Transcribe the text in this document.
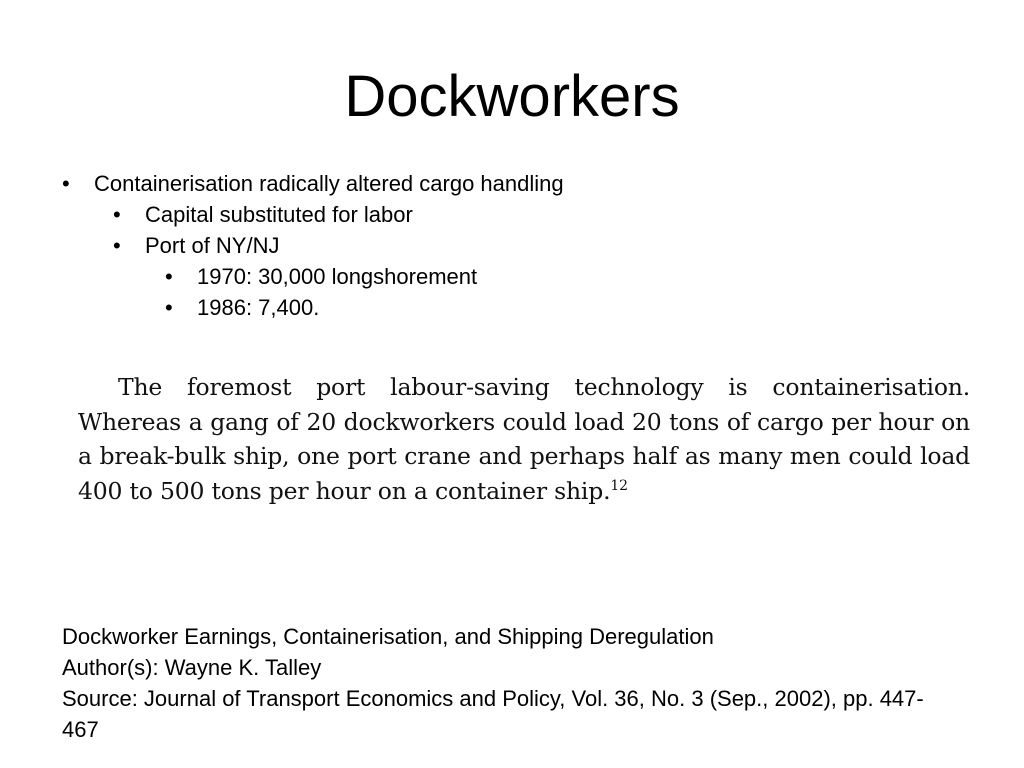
Dockworkers
• Containerisation radically altered cargo handling
• Capital substituted for labor
• Port of NY/NJ
• 1970: 30,000 longshorement
• 1986: 7,400.
The foremost port labour-saving technology is containerisation. Whereas a gang of 20 dockworkers could load 20 tons of cargo per hour on a break-bulk ship, one port crane and perhaps half as many men could load 400 to 500 tons per hour on a container ship.$^{12}$
Dockworker Earnings, Containerisation, and Shipping Deregulation
Author(s): Wayne K. Talley
Source: Journal of Transport Economics and Policy, Vol. 36, No. 3 (Sep., 2002), pp. 447-467
